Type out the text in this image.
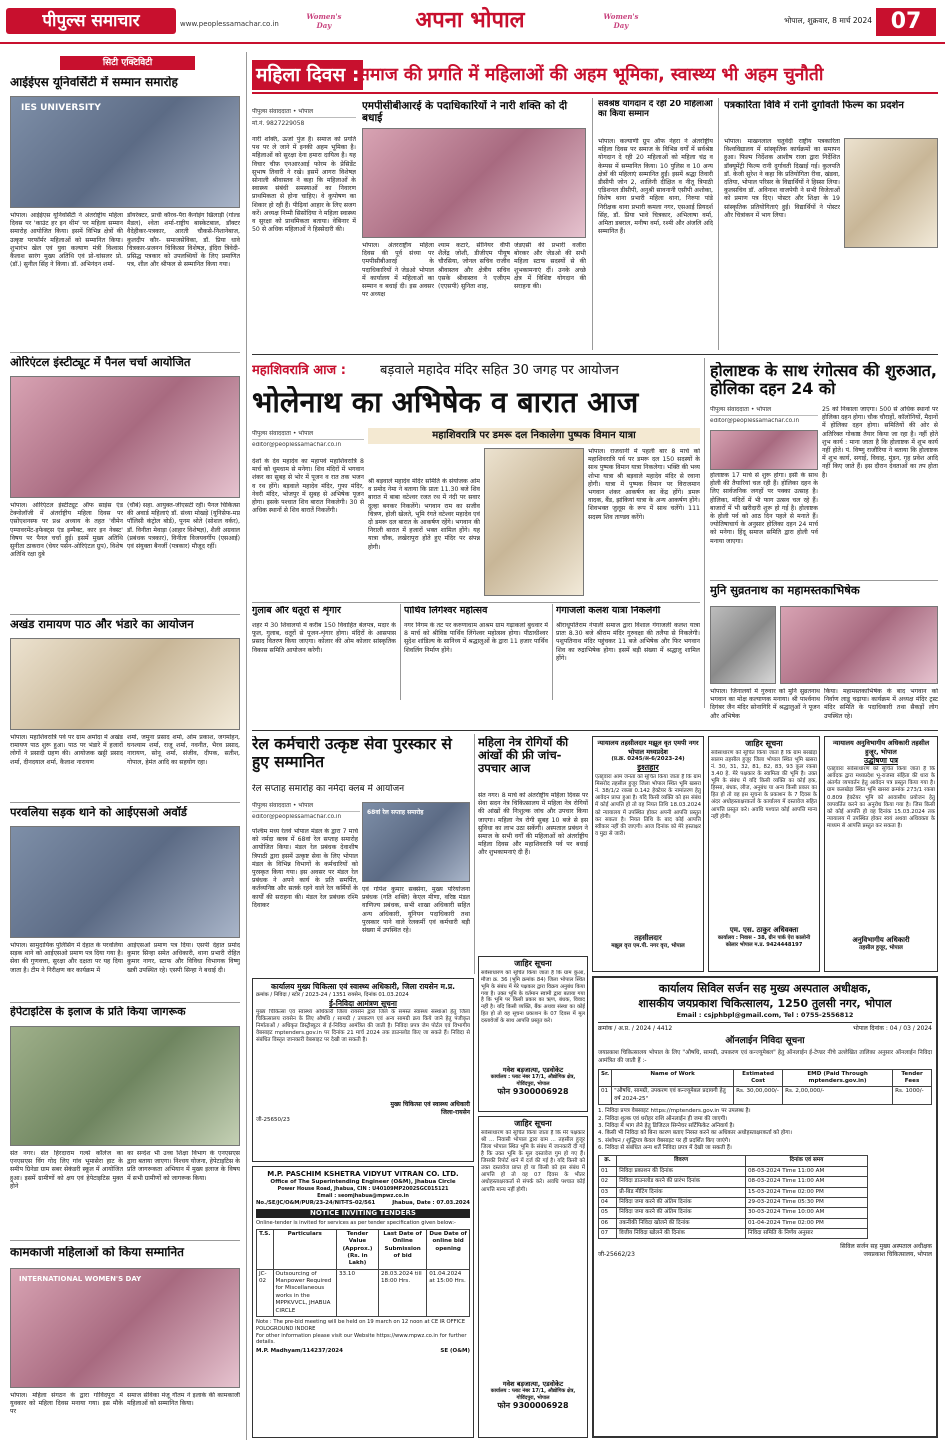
पीपुल्स समाचार	www.peoplessamachar.co.in
Women's Day	अपना भोपाल	Women's Day
भोपाल, शुक्रवार, 8 मार्च 2024 07
सिटी एक्टिविटी
आईईएस यूनिवर्सिटी में सम्मान समारोह
IES UNIVERSITY
भोपाल। आईईएस यूनिवर्सिटी ने अंतर्राष्ट्रीय महिला दिवस पर 'काउंट हर इन थीम' पर महिला सम्मान समारोह आयोजित किया। इसमें विभिन्न क्षेत्रों की उत्कृष्ट परफॉर्मर महिलाओं को सम्मानित किया। शुभारंभ खेल एवं युवा कल्याण मंत्री विश्वास कैलाश सारंग मुख्य अतिथि एवं प्रो-चांसलर प्रो. (डॉ.) सुनील सिंह ने किया। डॉ. अभिनंदन शर्मा-
डॉयरेक्टर, प्राची कौरव-पैरा कैनोइंग खिलाड़ी (गोल्ड मैडल), श्वेता शर्मा-राष्ट्रीय बास्केटबाल, डॉक्टर वैदेहीकर-पत्रकार, आरती चौकसे-निशानेबाज, कुलदीप कौर- समाजसेविका, डॉ. प्रिया धावे चित्रकार-प्रजनन चिकित्सा विशेषज्ञ, इंदिरा त्रिवेदी-प्रसिद्ध पत्रकार को उपलब्धियों के लिए प्रमाणित पत्र, शील और श्रीफल से सम्मानित किया गया।
ओरिएंटल इंस्टीट्यूट में पैनल चर्चा आयोजित
भोपाल। ओरिएंटल इंस्टीट्यूट ऑफ साइंस एंड टेक्नोलॉजी में अंतर्राष्ट्रीय महिला दिवस पर एसोएशनस्फ पर प्रश्न अध्याय के तहत 'वीमेन एम्पावरमेंट-इफेक्ट्स एंड इम्पैक्ट, कार इन नेक्स्ट' विषय पर पैनल चर्चा हुई। इसमें मुख्य अतिथि सुनीता ठाकरान (चेयर पर्सन-ओरिएंटल ग्रुप), विशेष अतिथि रक्षा दुबे
(चौबे) सहा. आयुक्त-जीएसटी रहीं। पैनल चिकित्सा की अवार्ड महिलाएं डॉ. संध्या मोखड़े (यूनिसेफ-मप्र पॉलिसी कंट्रोल बोर्ड), पूनम श्रोते (सोशल वर्कर), डॉ. विनीता मेवाड़ा (आहार विशेषज्ञ), शैली अग्रवाल (प्रबंधक पत्रकार), विनीता विजयवर्गीय (एसआई) एवं संयुक्ता बैनर्जी (पत्रकार) मौजूद रहीं।
अखंड रामायण पाठ और भंडारे का आयोजन
भोपाल। महाशिवरात्रि पर्व पर ग्राम अमोदा में अखंड रामायण पाठ शुरू हुआ। पाठ पर भंडारे में हजारों लोगों ने प्रसादी ग्रहण की। आयोजक खट्टी प्रसाद शर्मा, दीनदयाल शर्मा, कैलाश नारायण
शर्मा, जमुना प्रसाद शर्मा, ओम प्रकाश, जगमोहन, घनश्याम शर्मा, राजू शर्मा, नवनीत, भैरव प्रसाद, नारायण, सोनू शर्मा, संजीव, दीपक, सतीश, गोपाल, हेमंत आदि का सहयोग रहा।
परवलिया सड़क थाने को आईएसओ अवॉर्ड
भोपाल। सामुदायिक पुलिसिंग में देहात के परवलिया सड़क थाने को आईएसओ प्रमाण पत्र दिया गया है। सेवा की गुणवत्ता, सुरक्षा और दक्षता पर यह दिया जाता है। टीम ने निरीक्षण कर कार्यक्रम में
आईएसओ प्रमाण पत्र दिया। एसपी देहात प्रमोद कुमार सिन्हा समेत अधिकारी, थाना प्रभारी रोहित कुमार नागर, स्टाफ और विविधा विभागक विष्णु खत्री उपस्थित रहे। एसपी सिन्हा ने बधाई दी।
हेपेटाइटिस के इलाज के प्रति किया जागरूक
संत नगर। संत हिरदाराम गर्ल्स कॉलेज का एनएसएस विंग गोद लिए गांव भूमासेरा हाट के समीप ग्रिनेडा ग्राम सबर सेकंडरी स्कूल में आयोजित हुआ। इसमें ग्रामीणों को क्षय एवं हेपेटाइटिस मुक्त होने
का सन्देश भी उच्च शिक्षा विभाग के एनएसएस द्वारा बताया जाएगा। निश्चय योजना, हेपेटाइटिस के प्रति जागरूकता अभियान में मुख्य इलाज के विषय में सभी ग्रामीणों को जागरूक किया।
कामकाजी महिलाओं को किया सम्मानित
INTERNATIONAL WOMEN'S DAY
भोपाल। महिला संगठन के द्वारा गोविंदपुरा में युवकार को महिला दिवस मनाया गया। इस मौके पर
समाज सेविका मंजू गौतम ने इलाके की कामकाजी महिलाओं को सम्मानित किया।
महिला दिवस :
समाज की प्रगति में महिलाओं की अहम भूमिका, स्वास्थ्य भी अहम चुनौती
पीपुल्स संवाददाता • भोपाल
मो.नं. 9827229058
नारी शक्ति, ऊर्जा पुंज है। समाज को प्रगति पथ पर ले जाने में इनकी अहम भूमिका है। महिलाओं को सुरक्षा देना हमारा दायित्व है। यह विचार चीफ़ एनआरआई फोरम के प्रेसिडेंट सुभाष तिवारी ने रखे। इसमें आगरा विशेषज्ञ सोनाली श्रीवास्तव ने कहा कि महिलाओं के स्वास्थ्य संबंधी समस्याओं का निवारण प्राथमिकता से होना चाहिए। वे कुपोषण का शिकार हो रही हैं। पीढ़ियां आहार के लिए सजग करें। अध्यक्ष निम्मी सिसोदिया ने महिला स्वास्थ्य व सुरक्षा को प्राथमिकता बताया। वेबिनार में 50 से अधिक महिलाओं ने हिस्सेदारी की।
एमपीसीबीआरई के पदाधिकारियों ने नारी शक्ति को दी बधाई
भोपाल। अंतरराष्ट्रीय महिला दिवस की पूर्व संध्या पर एमपीसीबीआरई के पदाधिकारियों ने जेडओ भोपाल में कार्यालय में महिलाओं का सम्मान व बधाई दी। इस अवसर पर अध्यक्ष
श्याम कटारे, सीनियर वीपी शैलेंद्र जोशी, डीजीएम पीयूष चौरसिया, जोनल सचिव राजीव श्रीवास्तव और क्षेत्रीय सचिव एसके श्रीवास्तव ने एजीएम (एएसपी) सुनिता शाह,
जेडएसी की प्रभारी वजीरा बोरकर और जेडओ की सभी महिला स्टाफ सदस्यों से की शुभकामनाएं दीं। उनके अच्छे क्षेत्र में विशिष्ट योगदान की सराहना की।
सर्वश्रेष्ठ योगदान दे रही 20 महिलाओं का किया सम्मान
भोपाल। कल्याणी ग्रुप ऑफ नेहरा ने अंतर्राष्ट्रीय महिला दिवस पर समाज के विभिन्न वर्गों में सर्वश्रेष्ठ योगदान दे रही 20 महिलाओं को महिला चंद्र व केम्पस में सम्मानित किया। 10 पुलिस व 10 अन्य क्षेत्रों की महिलाएं सम्मानित हुईं। इसमें श्रद्धा तिवारी डीसीपी जोन 2, शालिनी दीक्षित व नीतू त्रिपाठी एडिशनल डीसीपी, अनुश्री सावनानी एसीपी अशोका, विशेष थाना प्रभारी महिला थाना, निरुपा पांडे निरीक्षक थाना प्रभारी कमला नगर, एसआई प्रियदर्श सिंह, डॉ. प्रिया भावे चित्रकार, अभिलाषा वर्मा, अमिता डबराल, मनीषा वर्मा, रश्मी और अंजलि अदि सम्मानित हैं।
पत्रकारिता विवि में रानी दुर्गावती फिल्म का प्रदर्शन
भोपाल। माखनलाल चतुर्वेदी राष्ट्रीय पत्रकारिता विश्वविद्यालय में सांस्कृतिक कार्यक्रमों का समापन हुआ। फिल्म निर्देशक आशीष राजा द्वारा निर्देशित डॉक्यूमेंट्री फिल्म रानी दुर्गावती दिखाई गई। कुलपति डॉ. केजी सुरेश ने कहा कि प्रतियोगिता रीवा, खंडवा, दतिया, भोपाल परिसर के विद्यार्थियों ने हिस्सा लिया। कुलसचिव डॉ. अविनाश वाजपेयी ने सभी विजेताओं को प्रमाण पत्र दिए। पोस्टर और शिक्षा के 19 सांस्कृतिक प्रतियोगिताएं हुईं। विद्यार्थियों ने पोस्टर और चित्रांकन में भाग लिया।
महाशिवरात्रि आज :	बड़वाले महादेव मंदिर सहित 30 जगह पर आयोजन
भोलेनाथ का अभिषेक व बारात आज
पीपुल्स संवाददाता • भोपाल
editor@peoplessamachar.co.in
देशों के देव महादेव का महापर्व महाशिवरात्रि 8 मार्च को धूमधाम से मनेगा। शिव मंदिरों में भगवान शंकर का सुबह से भोर में पूजन व रात तक भजन व रथ होंगे। बड़वाले महादेव मंदिर, गुफा मंदिर, नेवरी मंदिर, भोजपुर में सुबह से अभिषेक पूजन होगा। इसके पश्चात शिव बारात निकलेगी। 30 से अधिक स्थानों से शिव बारातें निकलेंगी।
श्री बड़वाले महादेव मंदिर समिति के संयोजक ओम व प्रमोद नेमा ने बताया कि प्रातः 11.30 बजे शिव बारात में बाबा वटेश्वर रजत रथ में नंदी पर सवार दूल्हा बनकर निकलेंगे। भगवान राम का सजीव चित्रण, होली खेलते, भूमि रंगते वटेश्वर महादेव एवं दो डमरू दल बारात के आकर्षण रहेंगे। भगवान की निराली बारात में हजारों भक्त शामिल होंगे। यह यात्रा चौक, लखेरापुरा होते हुए मंदिर पर संपन्न होगी।
महाशिवरात्रि पर डमरू दल निकालेगा पुष्पक विमान यात्रा
भोपाल। राजधानी में पहली बार 8 मार्च को महाशिवरात्रि पर्व पर डमरू दल 150 सदस्यों के साथ पुष्पक विमान यात्रा निकलेगा। भक्ति की भव्य शोभा यात्रा श्री बड़वाले महादेव मंदिर से रवाना होगी। यात्रा में पुष्पक विमान पर विराजमान भगवान शंकर आकर्षण का केंद्र होंगे। डमरू वादक, बैंड, झांकियां यात्रा के अन्य आकर्षण होंगे। शिवभक्त जुलूस के रूप में साथ चलेंगे। 111 सदस्य शिव ताण्डव करेंगे।
गुलाब और धतूरों से शृंगार
शहर में 30 शिवालयों में करीब 150 विवाहित बेलपत्र, मदार के फूल, गुलाब, धतूरों से पूजन-शृंगार होगा। मंदिरों के आसपास प्रसाद वितरण किया जाएगा। कोलार की ओम कोलार सांस्कृतिक विकास समिति आयोजन करेगी।
पार्थिव लिंगेश्वर महोत्सव
नगर निगम के तट पर करुणाधाम आश्रम ग्राम गढ़ाकलां बुधवार में 8 मार्च को श्रीविष्ठ पार्थिव लिंगेश्वर महोत्सव होगा। पीठाधीश्वर सुदेश शांडिल्य के सानिध्य में श्रद्धालुओं के द्वारा 11 हजार पार्थिव शिवलिंग निर्माण होंगे।
गंगाजली कलश यात्रा निकलेगी
श्रीराधूपतिराम नेपाली समाज द्वारा विशाल गंगाजली कलश यात्रा प्रातः 8.30 बजे श्रीराम मंदिर गुरुवक्षा की तलैया से निकलेगी। पशुपतिनाथ मंदिर पहुंचकर 11 बजे अभिषेक और फिर भगवान शिव का रुद्राभिषेक होगा। इसमें बड़ी संख्या में श्रद्धालु शामिल होंगे।
होलाष्टक के साथ रंगोत्सव की शुरुआत, होलिका दहन 24 को
पीपुल्स संवाददाता • भोपाल
editor@peoplessamachar.co.in
होलाष्टक 17 मार्च से शुरू होगा। इसी के साथ होली की तैयारियां चल रही हैं। होलिका दहन के लिए सार्वजनिक जगहों पर पक्का उत्साह है। होलिका, मंदिरों में भी फाग उत्सव चल रहे हैं। बाजारों में भी खरीदारी शुरू हो गई है। होलाष्टक के होली पर्व को आठ दिन पहले से मनाते हैं। ज्योतिषाचार्य के अनुसार होलिका दहन 24 मार्च को मनेगा। हिंदू समाज समिति द्वारा होली पर्व मनाया जाएगा।
25 को निकाला जाएगा। 500 से अधिक स्थानों पर होलिका दहन होगा। चौक चौराहों, कॉलोनियों, मैदानों में होलिका दहन होगा। समितियों की ओर से अतिरिक्त गोकाष्ठ तैयार किया जा रहा है। नहीं होते शुभ कार्य : माना जाता है कि होलाष्टक में शुभ कार्य नहीं होते। पं. विष्णु राजौरिया ने बताया कि होलाष्टक में शुभ कार्य, सगाई, विवाह, मुंडन, गृह प्रवेश आदि नहीं किए जाते हैं। इस दौरान देवताओं का तप होता है।
मुनि सुव्रतनाथ का महामस्तकाभिषेक
भोपाल। जिनालयों में गुरुवार को मुनि सुव्रतनाथ भगवान का मोक्ष कल्याणक मनाया। श्री पार्श्वनाथ दिगंबर जैन मंदिर सोनागिरि में श्रद्धालुओं ने पूजन और अभिषेक
किया। महामस्तकाभिषेक के बाद भगवान को निर्वाण लाडू चढ़ाया। कार्यक्रम में अध्यक्ष मंदिर ट्रस्ट मंदिर समिति के पदाधिकारी तथा सैकड़ों लोग उपस्थित रहे।
रेल कर्मचारी उत्कृष्ट सेवा पुरस्कार से हुए सम्मानित
रेल सप्ताह समारोह का नर्मदा क्लब में आयोजन
पीपुल्स संवाददाता • भोपाल
editor@peoplessamachar.co.in
68वां रेल सप्ताह समारोह
पश्चिम मध्य रेलवे भोपाल मंडल के द्वारा 7 मार्च को नर्मदा क्लब में 68वां रेल सप्ताह समारोह आयोजित किया। मंडल रेल प्रबंधक देवाशीष त्रिपाठी द्वारा इसमें उत्कृष्ट सेवा के लिए भोपाल मंडल के विभिन्न विभागों के कर्मचारियों को पुरस्कृत किया गया। इस अवसर पर मंडल रेल प्रबंधक ने अपने कार्य के प्रति समर्पित, कर्तव्यनिष्ठ और सतर्क रहने वाले रेल कर्मियों के कार्यों की सराहना की। मंडल रेल प्रबंधक रश्मि दिवाकर
एवं गोपेश कुमार सक्सेना, मुख्य परियोजना प्रबंधक (गति शक्ति) केएल मीणा, वरिष्ठ मंडल वाणिज्य प्रबंधक, सभी शाखा अधिकारी सहित अन्य अधिकारी, यूनियन पदाधिकारी तथा पुरस्कार पाने वाले रेलकर्मी एवं कर्मचारी बड़ी संख्या में उपस्थित रहे।
महिला नेत्र रोगियों की आंखों की फ्री जांच-उपचार आज
संत नगर। 8 मार्च को अंतर्राष्ट्रीय महिला दिवस पर सेवा सदन नेत्र चिकित्सालय में महिला नेत्र रोगियों की आंखों की निःशुल्क जांच और उपचार किया जाएगा। महिला नेत्र रोगी सुबह 10 बजे से इस सुविधा का लाभ उठा सकेंगी। अस्पताल प्रबंधन ने समाज के सभी वर्गों की महिलाओं को अंतर्राष्ट्रीय महिला दिवस और महाशिवरात्रि पर्व पर बधाई और शुभकामनाएं दी हैं।
न्यायालय तहसीलदार मझूल वृत एमपी नगर भोपाल मध्यप्रदेश
(प्र.क्र. 0245/अ-6/2023-24)
इश्तहार
एतद्द्वारा आम जनता को सूचित किया जाता है कि ग्राम मिसरोद तहसील हुजूर जिला भोपाल स्थित भूमि खसरा नं. 38/1/2 रकबा 0.142 हेक्टेयर के नामांतरण हेतु आवेदन प्राप्त हुआ है। यदि किसी व्यक्ति को इस संबंध में कोई आपत्ति हो तो वह नियत तिथि 18.03.2024 को न्यायालय में उपस्थित होकर अपनी आपत्ति प्रस्तुत कर सकता है। नियत तिथि के बाद कोई आपत्ति स्वीकार नहीं की जाएगी। आज दिनांक को मेरे हस्ताक्षर व मुद्रा से जारी।
तहसीलदार
मझूल वृत्त एम.पी. नगर वृत्त, भोपाल
जाहिर सूचना
सर्वसाधारण को सूचित किया जाता है कि ग्राम बरखेड़ा सालम तहसील हुजूर जिला भोपाल स्थित भूमि खसरा नं. 30, 31, 32, 81, 82, 83, 93 कुल रकबा 3.40 हे. मेरे पक्षकार के स्वामित्व की भूमि है। उक्त भूमि के संबंध में यदि किसी व्यक्ति का कोई हक, हिस्सा, बंधक, लीज, अनुबंध या अन्य किसी प्रकार का हित हो तो वह इस सूचना के प्रकाशन के 7 दिवस के अंदर अधोहस्ताक्षरकर्ता के कार्यालय में दस्तावेज सहित आपत्ति प्रस्तुत करे। अवधि पश्चात कोई आपत्ति मान्य नहीं होगी।
एम. एस. ठाकुर अधिवक्ता
कार्यालय : निवास - 38, ग्रीन पार्क ऐरा कालोनी कोलार भोपाल म.प्र. 9424448197
न्यायालय अनुविभागीय अधिकारी तहसील हुजूर, भोपाल
उद्घोषणा पत्र
एतद्द्वारा सर्वसाधारण को सूचित किया जाता है कि आवेदक द्वारा मध्यप्रदेश भू-राजस्व संहिता की धारा के अंतर्गत व्यपवर्तन हेतु आवेदन पत्र प्रस्तुत किया गया है। ग्राम कलखेड़ा स्थित भूमि खसरा क्रमांक 273/1 रकबा 0.809 हेक्टेयर भूमि को आवासीय प्रयोजन हेतु व्यपवर्तित करने का अनुरोध किया गया है। जिस किसी को कोई आपत्ति हो वह दिनांक 15.03.2024 तक न्यायालय में उपस्थित होकर स्वयं अथवा अधिवक्ता के माध्यम से आपत्ति प्रस्तुत कर सकता है।
अनुविभागीय अधिकारी
तहसील हुजूर, भोपाल
जाहिर सूचना
सर्वसाधारण को सूचित किया जाता है कि ग्राम कुंआ, मौजा क्र. 36 (भूमि क्रमांक 84) जिला भोपाल स्थित भूमि के संबंध में मेरे पक्षकार द्वारा विक्रय अनुबंध किया गया है। उक्त भूमि के वर्तमान स्वामी द्वारा बताया गया है कि भूमि पर किसी प्रकार का ऋण, बंधक, विवाद नहीं है। यदि किसी व्यक्ति, बैंक अथवा संस्था का कोई हित हो तो वह सूचना प्रकाशन के 07 दिवस में मूल दस्तावेजों के साथ आपत्ति प्रस्तुत करे।
गवेश बड़जात्या, एडवोकेट
कार्यालय : प्लाट नंबर 17/1, औद्योगिक क्षेत्र, गोविंदपुरा, भोपाल
फोन 9300006928
जाहिर सूचना
सर्वसाधारण को सूचित किया जाता है कि मेरे पक्षकार श्री ... निवासी भोपाल द्वारा ग्राम ... तहसील हुजूर जिला भोपाल स्थित भूमि के संबंध में जानकारी दी गई है कि उक्त भूमि के मूल दस्तावेज गुम हो गए हैं। जिसकी रिपोर्ट थाने में दर्ज की गई है। यदि किसी को उक्त दस्तावेज प्राप्त हों या किसी को इस संबंध में आपत्ति हो तो वह 07 दिवस के भीतर अधोहस्ताक्षरकर्ता से संपर्क करे। अवधि पश्चात कोई आपत्ति मान्य नहीं होगी।
गवेश बड़जात्या, एडवोकेट
कार्यालय : प्लाट नंबर 17/1, औद्योगिक क्षेत्र, गोविंदपुरा, भोपाल
फोन 9300006928
कार्यालय मुख्य चिकित्सा एवं स्वास्थ्य अधिकारी, जिला रायसेन म.प्र.
क्रमांक / निविदा / स्टोर / 2023-24 / 1351 रायसेन, दिनांक 01.03.2024
ई-निविदा आमंत्रण सूचना
मुख्य चिकित्सा एवं स्वास्थ्य अधिकारी जिला रायसेन द्वारा जिले के समस्त स्वास्थ्य संस्थाओं हेतु जिला चिकित्सालय रायसेन के लिए औषधि / सामग्री / उपकरण एवं अन्य सामग्री क्रय किये जाने हेतु पंजीकृत निर्माताओं / अधिकृत डिस्ट्रीब्यूटर से ई-निविदा आमंत्रित की जाती है। निविदा प्रपत्र जेम पोर्टल एवं विभागीय वेबसाइट mptenders.gov.in पर दिनांक 21 मार्च 2024 तक डाउनलोड किए जा सकते हैं। निविदा से संबंधित विस्तृत जानकारी वेबसाइट पर देखी जा सकती है।
मुख्य चिकित्सा एवं स्वास्थ्य अधिकारी
जिला-रायसेन
जी-25650/23
M.P. PASCHIM KSHETRA VIDYUT VITRAN CO. LTD.
Office of The Superintending Engineer (O&M), Jhabua Circle
Power House Road, Jhabua, CIN : U40109MP2002SGC015121
Email : seomjhabua@mpwz.co.in
No./SE/JC/O&M/PUR/23-24/NIT-TS-02/561	Jhabua, Date : 07.03.2024
NOTICE INVITING TENDERS
Online-tender is invited for services as per tender specification given below:-
T.S.	Particulars	Tender Value (Approx.) (Rs. in Lakh)	Last Date of Online Submission of bid	Due Date of online bid opening
JC-02	Outsourcing of Manpower Required for Miscellaneous works in the MPPKVVCL, JHABUA CIRCLE	33.10	28.03.2024 till 18:00 Hrs.	01.04.2024 at 15:00 Hrs.
Note : The pre-bid meeting will be held on 19 march on 12 noon at CE IR OFFICE POLOGROUND INDORE
For other information please visit our Website https://www.mpwz.co.in for further details.
M.P. Madhyam/114237/2024	SE (O&M)
कार्यालय सिविल सर्जन सह मुख्य अस्पताल अधीक्षक,
शासकीय जयप्रकाश चिकित्सालय, 1250 तुलसी नगर, भोपाल
Email : csjphbpl@gmail.com, Tel : 0755-2556812
क्रमांक / अ.प्र. / 2024 / 4412	भोपाल दिनांक : 04 / 03 / 2024
ऑनलाईन निविदा सूचना
जयप्रकाश चिकित्सालय भोपाल के लिए "औषधि, सामग्री, उपकरण एवं कन्ज्यूमेबल" हेतु ऑनलाईन ई-टेण्डर नीचे उल्लेखित तालिका अनुसार ऑनलाईन निविदा आमंत्रित की जाती हैं :-
Sr.	Name of Work	Estimated Cost	EMD (Paid Through mptenders.gov.in)	Tender Fees
01	"औषधि, सामग्री, उपकरण एवं कन्ज्यूमेबल प्रदायगी हेतु वर्ष 2024-25"	Rs. 30,00,000/-	Rs. 2,00,000/-	Rs. 1000/-
1. निविदा प्रपत्र वेबसाइट https://mptenders.gov.in पर उपलब्ध है।
2. निविदा शुल्क एवं धरोहर राशि ऑनलाईन ही जमा की जाएगी।
3. निविदा में भाग लेने हेतु डिजिटल सिग्नेचर सर्टिफिकेट अनिवार्य है।
4. किसी भी निविदा को बिना कारण बताए निरस्त करने का अधिकार अधोहस्ताक्षरकर्ता को होगा।
5. संशोधन / शुद्धिपत्र केवल वेबसाइट पर ही प्रदर्शित किए जाएंगे।
6. निविदा से संबंधित अन्य शर्तें निविदा प्रपत्र में देखी जा सकती हैं।
क्र.	विवरण	दिनांक एवं समय
01	निविदा प्रकाशन की दिनांक	08-03-2024 Time 11:00 AM
02	निविदा डाउनलोड करने की प्रारंभ दिनांक	08-03-2024 Time 11:00 AM
03	प्री-बिड मीटिंग दिनांक	15-03-2024 Time 02:00 PM
04	निविदा जमा करने की अंतिम दिनांक	29-03-2024 Time 05:30 PM
05	निविदा जमा करने की अंतिम दिनांक	30-03-2024 Time 10:00 AM
06	तकनीकी निविदा खोलने की दिनांक	01-04-2024 Time 02:00 PM
07	वित्तीय निविदा खोलने की दिनांक	निविदा समिति के निर्णय अनुसार
जी-25662/23
सिविल सर्जन सह मुख्य अस्पताल अधीक्षक
जयप्रकाश चिकित्सालय, भोपाल
